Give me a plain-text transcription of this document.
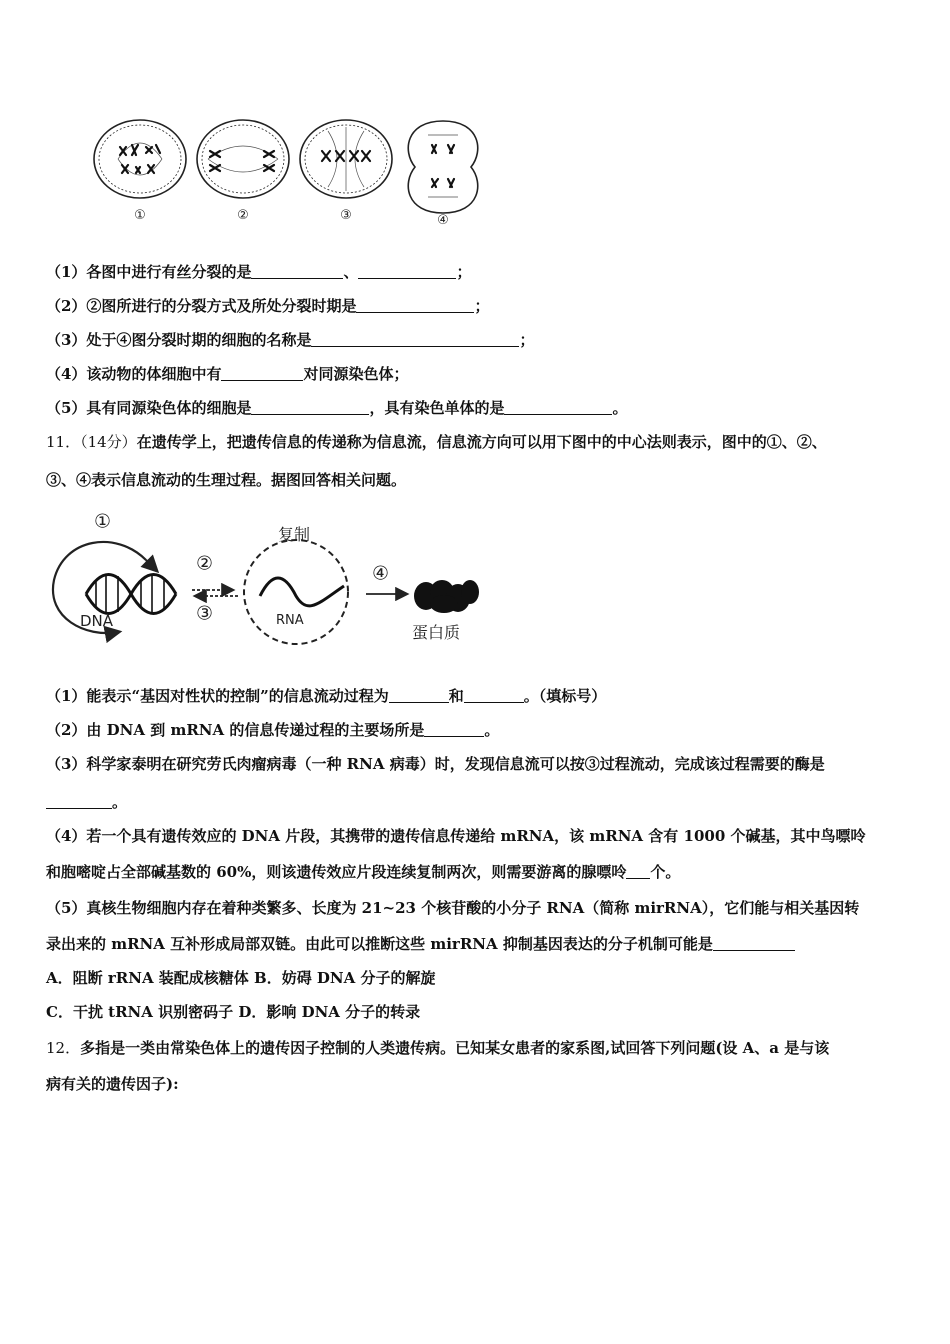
①	②	③	④
（1）各图中进行有丝分裂的是	、	；
（2）②图所进行的分裂方式及所处分裂时期是	；
（3）处于④图分裂时期的细胞的名称是	；
（4）该动物的体细胞中有	对同源染色体；
（5）具有同源染色体的细胞是	，具有染色单体的是	。
11．（14分）在遗传学上，把遗传信息的传递称为信息流，信息流方向可以用下图中的中心法则表示，图中的①、②、
③、④表示信息流动的生理过程。据图回答相关问题。
①
DNA
②
③
复制
RNA
④
蛋白质
（1）能表示“基因对性状的控制”的信息流动过程为	和	。（填标号）
（2）由 DNA 到 mRNA 的信息传递过程的主要场所是	。
（3）科学家泰明在研究劳氏肉瘤病毒（一种 RNA 病毒）时，发现信息流可以按③过程流动，完成该过程需要的酶是
。
（4）若一个具有遗传效应的 DNA 片段，其携带的遗传信息传递给 mRNA，该 mRNA 含有 1000 个碱基，其中鸟嘌呤
和胞嘧啶占全部碱基数的 60%，则该遗传效应片段连续复制两次，则需要游离的腺嘌呤 个。
（5）真核生物细胞内存在着种类繁多、长度为 21~23 个核苷酸的小分子 RNA（简称 mirRNA），它们能与相关基因转
录出来的 mRNA 互补形成局部双链。由此可以推断这些 mirRNA 抑制基因表达的分子机制可能是
A．阻断 rRNA 装配成核糖体 B．妨碍 DNA 分子的解旋
C．干扰 tRNA 识别密码子 D．影响 DNA 分子的转录
12．多指是一类由常染色体上的遗传因子控制的人类遗传病。已知某女患者的家系图,试回答下列问题(设 A、a 是与该
病有关的遗传因子):
